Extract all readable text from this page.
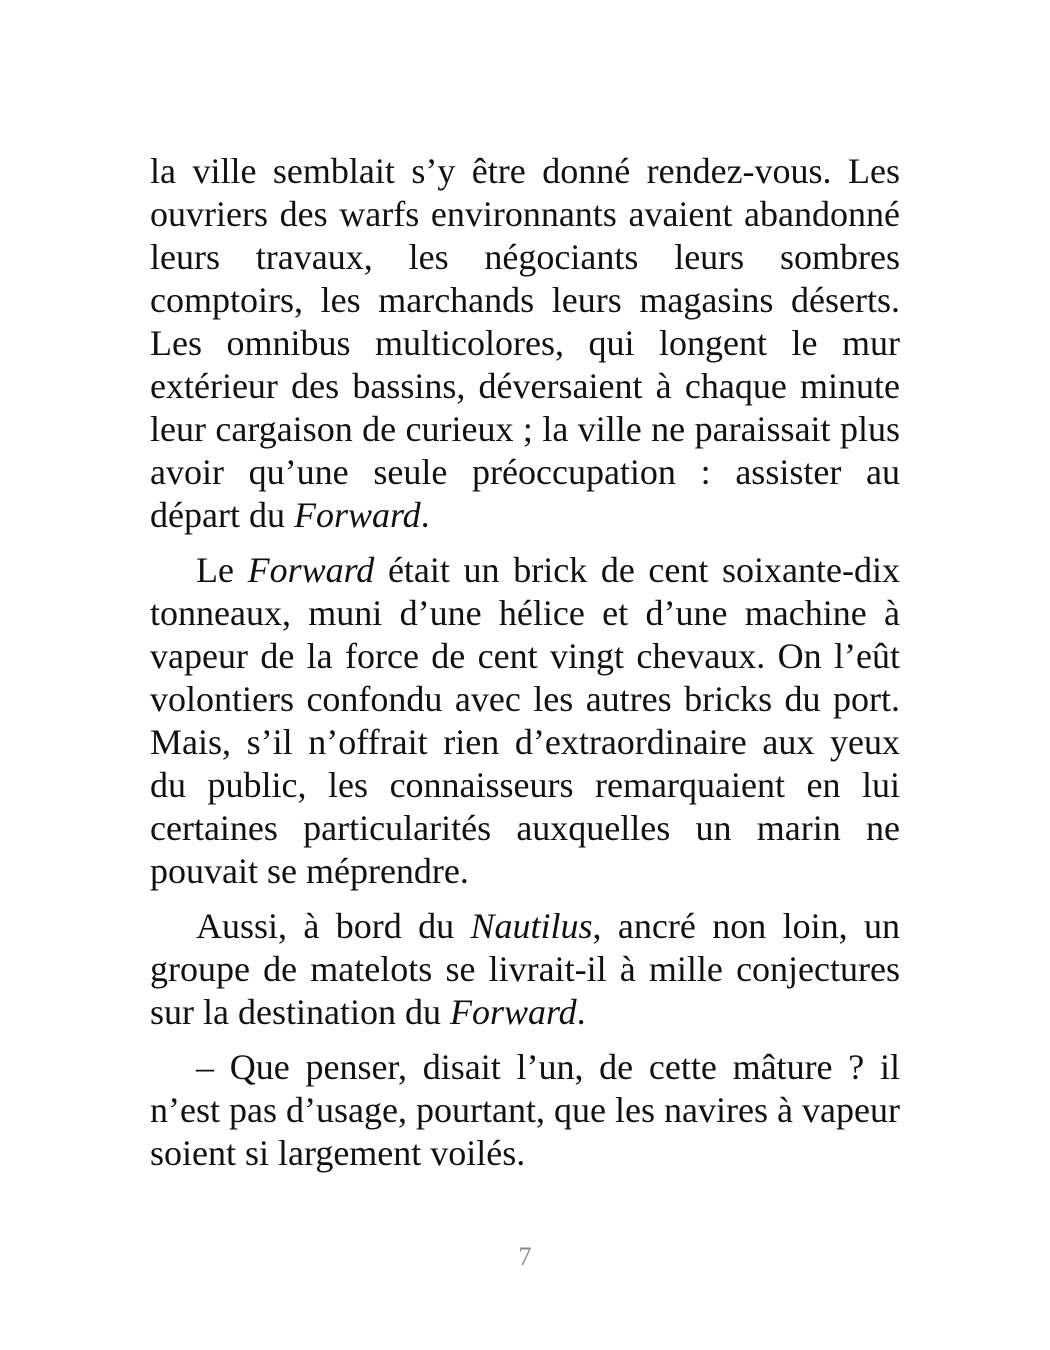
la ville semblait s’y être donné rendez-vous. Les ouvriers des warfs environnants avaient abandonné leurs travaux, les négociants leurs sombres comptoirs, les marchands leurs magasins déserts. Les omnibus multicolores, qui longent le mur extérieur des bassins, déversaient à chaque minute leur cargaison de curieux ; la ville ne paraissait plus avoir qu’une seule préoccupation : assister au départ du Forward.

Le Forward était un brick de cent soixante-dix tonneaux, muni d’une hélice et d’une machine à vapeur de la force de cent vingt chevaux. On l’eût volontiers confondu avec les autres bricks du port. Mais, s’il n’offrait rien d’extraordinaire aux yeux du public, les connaisseurs remarquaient en lui certaines particularités auxquelles un marin ne pouvait se méprendre.

Aussi, à bord du Nautilus, ancré non loin, un groupe de matelots se livrait-il à mille conjectures sur la destination du Forward.

– Que penser, disait l’un, de cette mâture ? il n’est pas d’usage, pourtant, que les navires à vapeur soient si largement voilés.

7
